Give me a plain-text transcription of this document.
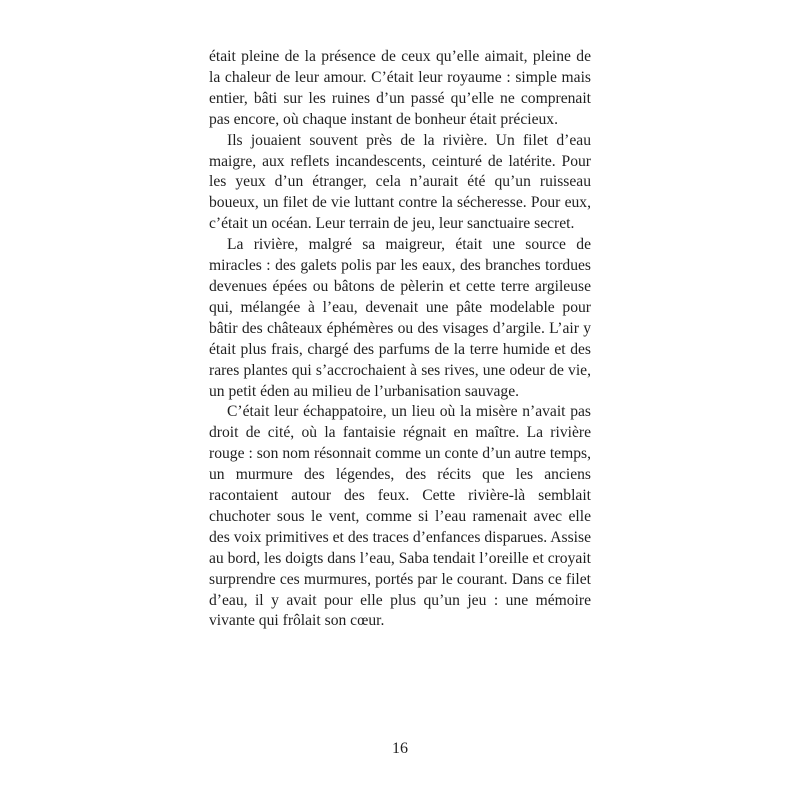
était pleine de la présence de ceux qu’elle aimait, pleine de la chaleur de leur amour. C’était leur royaume : simple mais entier, bâti sur les ruines d’un passé qu’elle ne comprenait pas encore, où chaque instant de bonheur était précieux.

Ils jouaient souvent près de la rivière. Un filet d’eau maigre, aux reflets incandescents, ceinturé de latérite. Pour les yeux d’un étranger, cela n’aurait été qu’un ruisseau boueux, un filet de vie luttant contre la sécheresse. Pour eux, c’était un océan. Leur terrain de jeu, leur sanctuaire secret.

La rivière, malgré sa maigreur, était une source de miracles : des galets polis par les eaux, des branches tordues devenues épées ou bâtons de pèlerin et cette terre argileuse qui, mélangée à l’eau, devenait une pâte modelable pour bâtir des châteaux éphémères ou des visages d’argile. L’air y était plus frais, chargé des parfums de la terre humide et des rares plantes qui s’accrochaient à ses rives, une odeur de vie, un petit éden au milieu de l’urbanisation sauvage.

C’était leur échappatoire, un lieu où la misère n’avait pas droit de cité, où la fantaisie régnait en maître. La rivière rouge : son nom résonnait comme un conte d’un autre temps, un murmure des légendes, des récits que les anciens racontaient autour des feux. Cette rivière-là semblait chuchoter sous le vent, comme si l’eau ramenait avec elle des voix primitives et des traces d’enfances disparues. Assise au bord, les doigts dans l’eau, Saba tendait l’oreille et croyait surprendre ces murmures, portés par le courant. Dans ce filet d’eau, il y avait pour elle plus qu’un jeu : une mémoire vivante qui frôlait son cœur.

16
